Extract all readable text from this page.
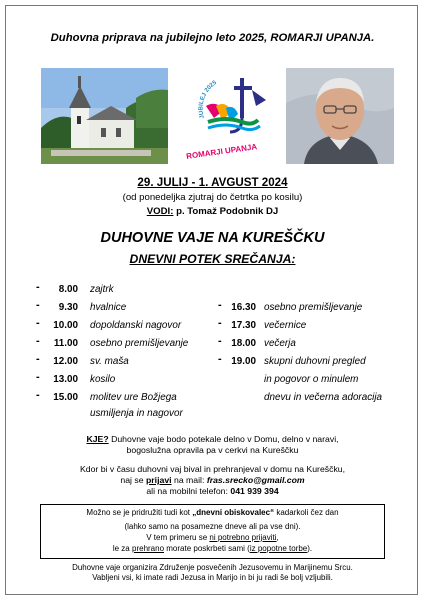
Duhovna priprava na jubilejno leto 2025, ROMARJI UPANJA.
JUBILEJ 2025
ROMARJI UPANJA
29. JULIJ - 1. AVGUST 2024
(od ponedeljka zjutraj do četrtka po kosilu)
VODI: p. Tomaž Podobnik DJ
DUHOVNE VAJE NA KUREŠČKU
DNEVNI POTEK SREČANJA:
-	8.00 zajtrk
-	9.30 hvalnice
-	10.00 dopoldanski nagovor
-	11.00 osebno premišljevanje
-	12.00 sv. maša
-	13.00 kosilo
-	15.00 molitev ure Božjega
usmiljenja in nagovor
- 16.30 osebno premišljevanje
- 17.30 večernice
- 18.00 večerja
- 19.00 skupni duhovni pregled
in pogovor o minulem
dnevu in večerna adoracija
KJE? Duhovne vaje bodo potekale delno v Domu, delno v naravi,
bogoslužna opravila pa v cerkvi na Kureščku
Kdor bi v času duhovni vaj bival in prehranjeval v domu na Kureščku,
naj se prijavi na mail: fras.srecko@gmail.com
ali na mobilni telefon: 041 939 394
Možno se je pridružiti tudi kot „dnevni obiskovalec“ kadarkoli čez dan
(lahko samo na posamezne dneve ali pa vse dni).
V tem primeru se ni potrebno prijaviti,
le za prehrano morate poskrbeti sami (iz popotne torbe).
Duhovne vaje organizira Združenje posvečenih Jezusovemu in Marijinemu Srcu.
Vabljeni vsi, ki imate radi Jezusa in Marijo in bi ju radi še bolj vzljubili.
